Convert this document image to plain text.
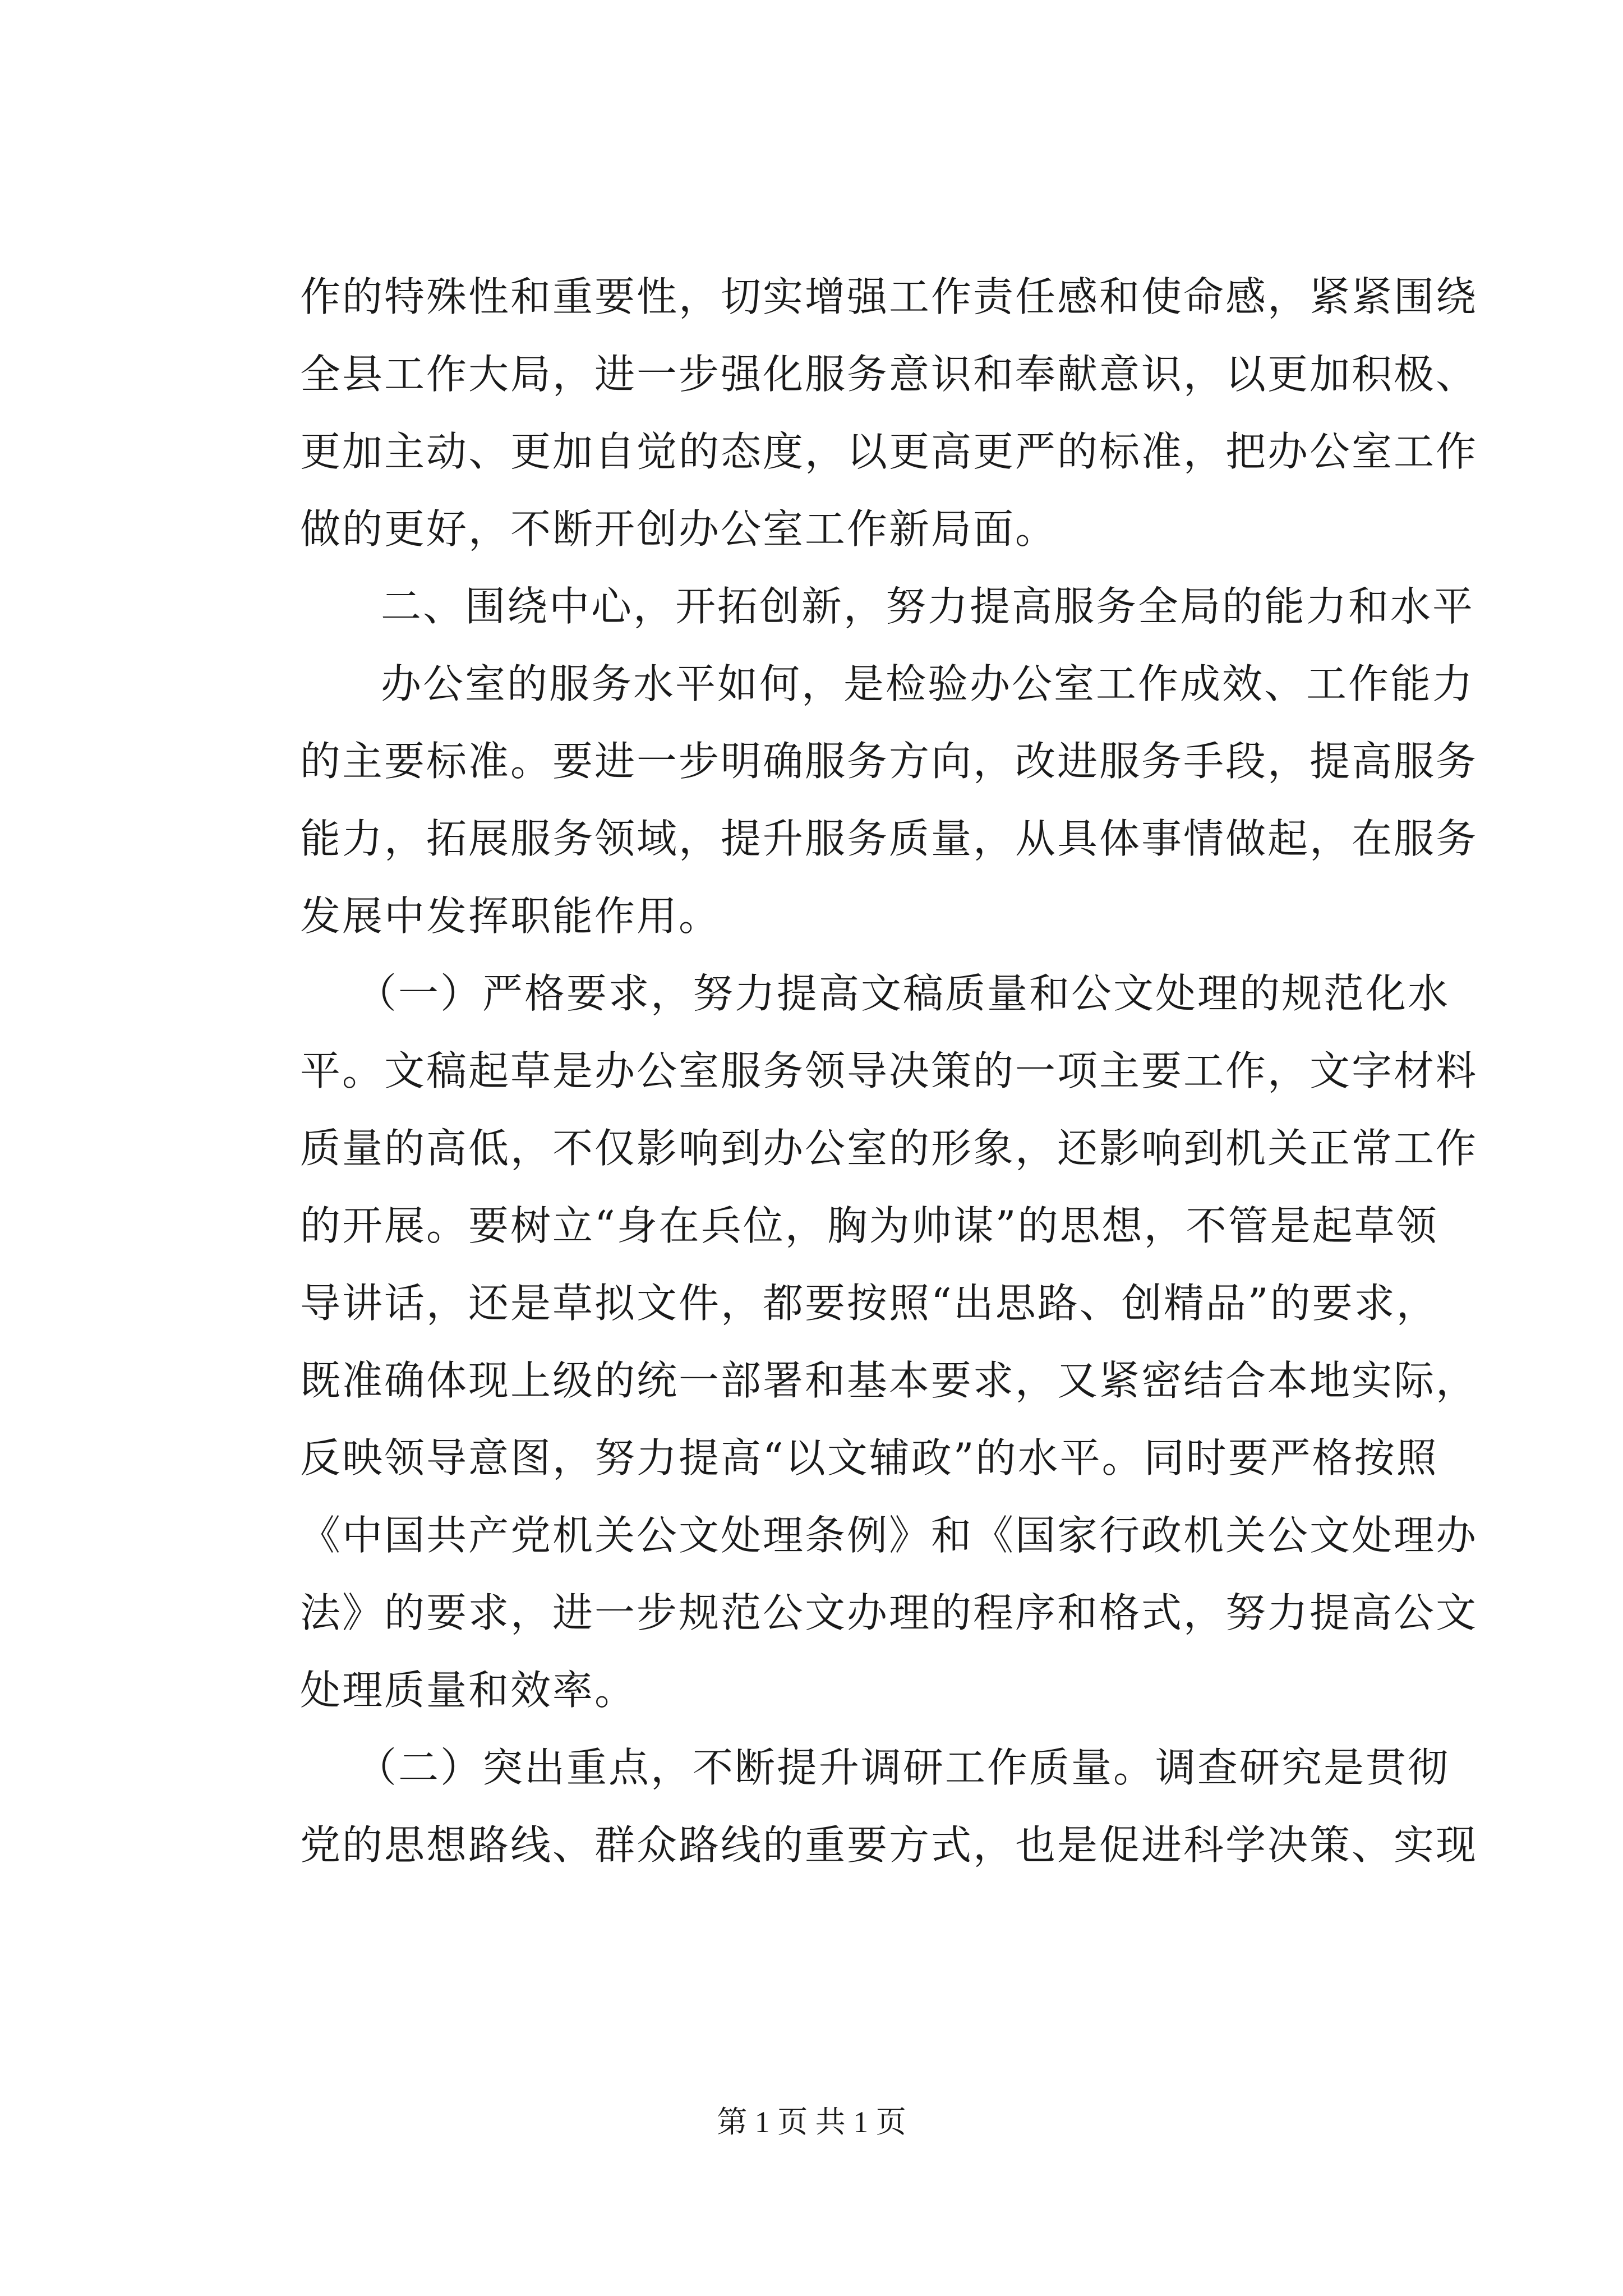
作的特殊性和重要性，切实增强工作责任感和使命感，紧紧围绕
全县工作大局，进一步强化服务意识和奉献意识，以更加积极、
更加主动、更加自觉的态度，以更高更严的标准，把办公室工作
做的更好，不断开创办公室工作新局面。
二、围绕中心，开拓创新，努力提高服务全局的能力和水平
办公室的服务水平如何，是检验办公室工作成效、工作能力
的主要标准。要进一步明确服务方向，改进服务手段，提高服务
能力，拓展服务领域，提升服务质量，从具体事情做起，在服务
发展中发挥职能作用。
（一）严格要求，努力提高文稿质量和公文处理的规范化水
平。文稿起草是办公室服务领导决策的一项主要工作，文字材料
质量的高低，不仅影响到办公室的形象，还影响到机关正常工作
的开展。要树立“身在兵位，胸为帅谋”的思想，不管是起草领
导讲话，还是草拟文件，都要按照“出思路、创精品”的要求，
既准确体现上级的统一部署和基本要求，又紧密结合本地实际，
反映领导意图，努力提高“以文辅政”的水平。同时要严格按照
《中国共产党机关公文处理条例》和《国家行政机关公文处理办
法》的要求，进一步规范公文办理的程序和格式，努力提高公文
处理质量和效率。
（二）突出重点，不断提升调研工作质量。调查研究是贯彻
党的思想路线、群众路线的重要方式，也是促进科学决策、实现
第 1 页 共 1 页
